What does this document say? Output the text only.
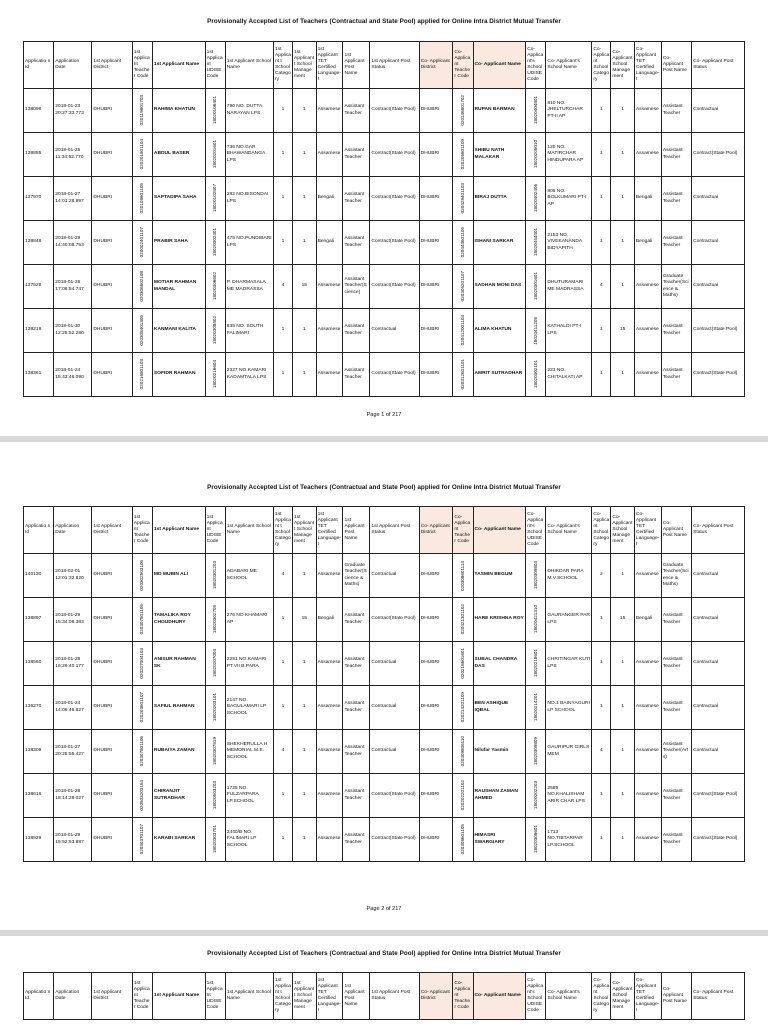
Provisionally Accepted List of Teachers (Contractual and State Pool) applied for Online Intra District Mutual Transfer
Applicatio n Id	Application Date	1st Applicant District	1st Applicant Teacher Code	1st Applicant Name	1st Applicant UDISE Code	1st Applicant School Name	1st Applicant t School Category	1st Applicant t School Manage ment	1st Applicant TET Certified Language-I	1st Applicant Post Name	1st Applicant Post Status	Co- Applicant District	Co- Applicant Teacher Code	Co- Applicant Name	Co- Applicant's School UDISE Code	Co- Applicant's School Name	Co- Applicant School Category	Co- Applicant School Manage ment	Co- Applicant TET Certified Language-I	Co- Applicant Post Name	Co- Applicant Post Status
138096	2018-01-23 20:27:33.773	DHUBRI	020119801703	RAHIMA KHATUN	18020106401	790 NO. DUTTA NARAYAN LPS	1	1	Assamese	Assistant Teacher	Contract(State Pool)	DHUBRI	020146801702	RUPAN BARMAN	18020404801	810 NO. JHELTURCHAR PT-II AP	1	1	Assamese	Assistant Teacher	Contractual
138885	2018-01-25 11:34:52.770	DHUBRI	020201801104	ABDUL BASER	18020201601	736 NO.GAR BHAWANDANGA LPS	1	1	Assamese	Assistant Teacher	Contract(State Pool)	DHUBRI	020205801109	SHIBU NATH MALAKAR	18020205010	120 NO. MATIRCHAR HINDUPARA AP	1	1	Assamese	Assistant Teacher	Contract(State Pool)
137970	2018-01-27 14:01:28.997	DHUBRI	020108601105	SAPTADIPA SAHA	18020102807	282 NO.BISONDAI LPS	1	1	Bengali	Assistant Teacher	Contract(State Pool)	DHUBRI	020429401103	BIRAJ DUTTA	18020402406	805 NO. BOLKUMARI PT-I AP	1	1	Bengali	Assistant Teacher	Contractual
138848	2018-01-29 14:40:08.753	DHUBRI	020002401107	PRABIR SAHA	18020002401	475 NO.PUNDIBARI LPS	1	1	Bengali	Assistant Teacher	Contract(State Pool)	DHUBRI	020444601105	ISHANI SARKAR	18020444401	2153 NO. VIVEKANANDA BIDYAPITH	1	1	Bengali	Assistant Teacher	Contractual
137526	2018-01-26 17:06:54.747	DHUBRI	020306602108	MOTIAR RAHMAN MANDAL	18020306602	P. DHARMASALA ME MADRASSA	4	15	Assamese	Assistant Teacher(Science)	Contract(State Pool)	DHUBRI	020305201107	SADHAN MONI DAS	18020301601	DHUTURAMARI ME MADRASSA	4	1	Assamese	Graduate Teacher(Science & Maths)	Contractual
138219	2018-01-30 12:25:52.280	DHUBRI	020308401305	KANMANI KALITA	18020308402	835 NO. SOUTH FALIMARI	1	1	Assamese	Assistant Teacher	Contractual	DHUBRI	020412001103	ALIMA KHATUN	18020411205	KATHALDI PT-I LPS	1	15	Assamese	Assistant Teacher	Contract(State Pool)
138361	2018-01-24 15:43:46.090	DHUBRI	020216801103	SOFIDR RAHMAN	18020216604	2327 NO.KAMARI KADAMTALA LPS	1	1	Assamese	Assistant Teacher	Contract(State Pool)	DHUBRI	020312601101	AMRIT SUTRADHAR	18020302101	223 NO. CHITALKATI AP	1	1	Assamese	Assistant Teacher	Contract(State Pool)
Page 1 of 217
Provisionally Accepted List of Teachers (Contractual and State Pool) applied for Online Intra District Mutual Transfer
Applicatio n Id	Application Date	1st Applicant District	1st Applicant Teacher Code	1st Applicant Name	1st Applicant UDISE Code	1st Applicant School Name	1st Applicant t School Category	1st Applicant t School Manage ment	1st Applicant TET Certified Language-I	1st Applicant Post Name	1st Applicant Post Status	Co- Applicant District	Co- Applicant Teacher Code	Co- Applicant Name	Co- Applicant's School UDISE Code	Co- Applicant's School Name	Co- Applicant School Category	Co- Applicant School Manage ment	Co- Applicant TET Certified Language-I	Co- Applicant Post Name	Co- Applicant Post Status
140130	2018-02-01 12:01:32.820	DHUBRI	020302503106	MD MUBIN ALI	18020301203	ADABARI ME SCHOOL	4	1	Assamese	Graduate Teacher(Science & Maths)	Contractual	DHUBRI	020308601114	TASMIN BEGUM	18020309803	DHIKDAR PARA M.V.SCHOOL	2	1	Assamese	Graduate Teacher(Science & Maths)	Contractual
138897	2018-01-29 15:34:08.383	DHUBRI	020307801105	TAMALIKA ROY CHOUDHURY	18020302705	276 NO KHAMARI AP	1	15	Bengali	Assistant Teacher	Contract(State Pool)	DHUBRI	020421301102	HARE KRISHNA ROY	18020421310	GAURANGER PAR LPS	1	15	Bengali	Assistant Teacher	Contractual
138560	2018-01-28 16:26:40.177	DHUBRI	020207004103	ANISUR RAHMAN SK	18020207004	2291 NO.KAMARI PT.VII B.PARA	1	1	Assamese	Assistant Teacher	Contractual	DHUBRI	020218601601	SUBAL CHANDRA DAS	18020218601	CHRITINGAR KUTI LPS	1	1	Assamese	Assistant Teacher	Contractual
136270	2018-01-24 14:06:46.827	DHUBRI	020203601107	SAFIUL RAHMAN	18020203101	2147 NO. BAGULAMARI LP SCHOOL	1	1	Assamese	Assistant Teacher	Contractual	DHUBRI	020214201109	BEN ASHIQUE IQBAL	18020214201	NO.1 BAINYAGURI LP SCHOOL	1	1	Assamese	Assistant Teacher	Contractual
138309	2018-01-27 20:25:55.427	DHUBRI	020307801106	RUBAIYA ZAMAN	18020307819	SHEKHERULLA H MEMORIAL M.E. SCHOOL	4	1	Assamese	Assistant Teacher	Contractual	DHUBRI	020309806110	Nilufar Yasmin	18020309809	GAURIPUR GIRLS MEM	4	1	Assamese	Assistant Teacher(Arts)	Contractual
138616	2018-01-28 18:14:29.027	DHUBRI	020503203154	CHIRANJIT SUTRADHAR	18020503203	1725 NO. FULZARPARA LP.SCHOOL	1	1	Assamese	Assistant Teacher	Contract(State Pool)	DHUBRI	020202201102	RAUSHAN ZAMAN AHMED	18020202203	2589 NO.KHALISHAM ARIR CHAR LPS	1	1	Assamese	Assistant Teacher	Contract(State Pool)
138929	2018-01-29 15:52:53.887	DHUBRI	020303701107	KARABI SARKAR	18020303701	2440/B NO. FALIMARI LP SCHOOL	1	1	Assamese	Assistant Teacher	Contract(State Pool)	DHUBRI	020308601105	HIMASRI SWARGIARY	18020308601	1713 NO.TIBTARPAR LP.SCHOOL	1	1	Assamese	Assistant Teacher	Contract(State Pool)
Page 2 of 217
Provisionally Accepted List of Teachers (Contractual and State Pool) applied for Online Intra District Mutual Transfer
Applicatio n Id	Application Date	1st Applicant District	1st Applicant Teacher Code	1st Applicant Name	1st Applicant UDISE Code	1st Applicant School Name	1st Applicant t School Category	1st Applicant t School Manage ment	1st Applicant TET Certified Language-I	1st Applicant Post Name	1st Applicant Post Status	Co- Applicant District	Co- Applicant Teacher Code	Co- Applicant Name	Co- Applicant's School UDISE Code	Co- Applicant's School Name	Co- Applicant School Category	Co- Applicant School Manage ment	Co- Applicant TET Certified Language-I	Co- Applicant Post Name	Co- Applicant Post Status
